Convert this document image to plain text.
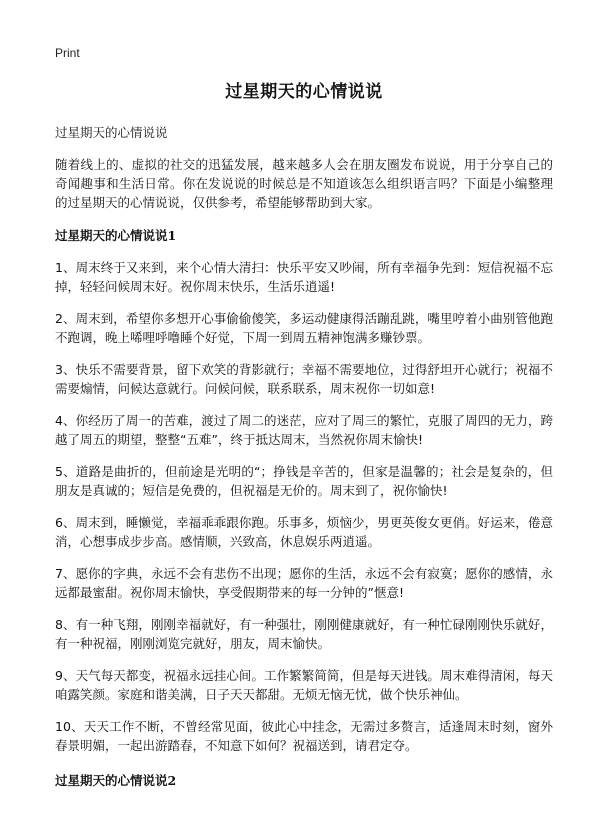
Print
过星期天的心情说说

过星期天的心情说说

随着线上的、虚拟的社交的迅猛发展，越来越多人会在朋友圈发布说说，用于分享自己的奇闻趣事和生活日常。你在发说说的时候总是不知道该怎么组织语言吗？下面是小编整理的过星期天的心情说说，仅供参考，希望能够帮助到大家。

过星期天的心情说说1
1、周末终于又来到，来个心情大清扫：快乐平安又吵闹，所有幸福争先到：短信祝福不忘掉，轻轻问候周末好。祝你周末快乐，生活乐逍遥!
2、周末到，希望你多想开心事偷偷傻笑，多运动健康得活蹦乱跳，嘴里哼着小曲别管他跑不跑调，晚上唏哩呼噜睡个好觉，下周一到周五精神饱满多赚钞票。
3、快乐不需要背景，留下欢笑的背影就行；幸福不需要地位，过得舒坦开心就行；祝福不需要煽情，问候达意就行。问候问候，联系联系，周末祝你一切如意!
4、你经历了周一的苦难，渡过了周二的迷茫，应对了周三的繁忙，克服了周四的无力，跨越了周五的期望，整整“五难”，终于抵达周末，当然祝你周末愉快!
5、道路是曲折的，但前途是光明的“；挣钱是辛苦的，但家是温馨的；社会是复杂的，但朋友是真诚的；短信是免费的，但祝福是无价的。周末到了，祝你愉快!
6、周末到，睡懒觉，幸福乖乖跟你跑。乐事多，烦恼少，男更英俊女更俏。好运来，倦意消，心想事成步步高。感情顺，兴致高，休息娱乐两逍遥。
7、愿你的字典，永远不会有悲伤不出现；愿你的生活，永远不会有寂寞；愿你的感情，永远都最蜜甜。祝你周末愉快，享受假期带来的每一分钟的”惬意!
8、有一种飞翔，刚刚幸福就好，有一种强壮，刚刚健康就好，有一种忙碌刚刚快乐就好，有一种祝福，刚刚浏览完就好，朋友，周末愉快。
9、天气每天都变，祝福永远挂心间。工作繁繁简简，但是每天进钱。周末难得清闲，每天咱露笑颜。家庭和谐美满，日子天天都甜。无烦无恼无忧，做个快乐神仙。
10、天天工作不断，不曾经常见面，彼此心中挂念，无需过多赘言，适逢周末时刻，窗外春景明媚，一起出游踏春，不知意下如何？祝福送到，请君定夺。
过星期天的心情说说2
